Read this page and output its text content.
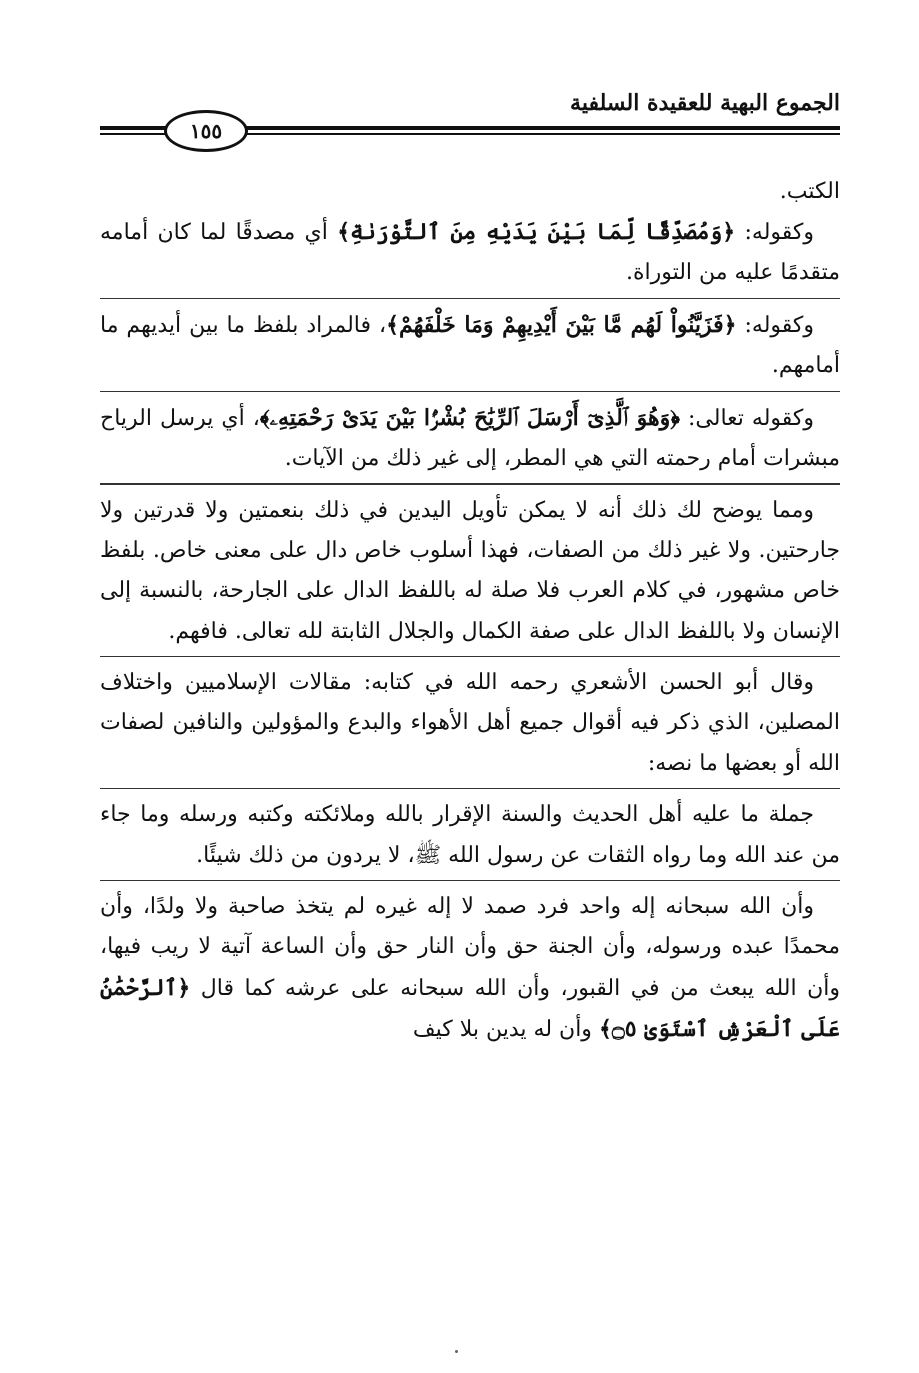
الجموع البهية للعقيدة السلفية
١٥٥

الكتب.

وكقوله: ﴿وَمُصَدِّقًا لِّمَا بَيْنَ يَدَيْهِ مِنَ ٱلتَّوْرَىٰةِ﴾ أي مصدقًا لما كان أمامه متقدمًا عليه من التوراة.

وكقوله: ﴿فَزَيَّنُواْ لَهُم مَّا بَيْنَ أَيْدِيهِمْ وَمَا خَلْفَهُمْ﴾، فالمراد بلفظ ما بين أيديهم ما أمامهم.

وكقوله تعالى: ﴿وَهُوَ ٱلَّذِىٓ أَرْسَلَ ٱلرِّيَٰحَ بُشْرًۢا بَيْنَ يَدَىْ رَحْمَتِهِۦ﴾، أي يرسل الرياح مبشرات أمام رحمته التي هي المطر، إلى غير ذلك من الآيات.

ومما يوضح لك ذلك أنه لا يمكن تأويل اليدين في ذلك بنعمتين ولا قدرتين ولا جارحتين. ولا غير ذلك من الصفات، فهذا أسلوب خاص دال على معنى خاص. بلفظ خاص مشهور، في كلام العرب فلا صلة له باللفظ الدال على الجارحة، بالنسبة إلى الإنسان ولا باللفظ الدال على صفة الكمال والجلال الثابتة لله تعالى. فافهم.

وقال أبو الحسن الأشعري رحمه الله في كتابه: مقالات الإسلاميين واختلاف المصلين، الذي ذكر فيه أقوال جميع أهل الأهواء والبدع والمؤولين والنافين لصفات الله أو بعضها ما نصه:

جملة ما عليه أهل الحديث والسنة الإقرار بالله وملائكته وكتبه ورسله وما جاء من عند الله وما رواه الثقات عن رسول الله ﷺ، لا يردون من ذلك شيئًا.

وأن الله سبحانه إله واحد فرد صمد لا إله غيره لم يتخذ صاحبة ولا ولدًا، وأن محمدًا عبده ورسوله، وأن الجنة حق وأن النار حق وأن الساعة آتية لا ريب فيها، وأن الله يبعث من في القبور، وأن الله سبحانه على عرشه كما قال ﴿ٱلرَّحْمَٰنُ عَلَى ٱلْعَرْشِ ٱسْتَوَىٰ ۝٥﴾ وأن له يدين بلا كيف
